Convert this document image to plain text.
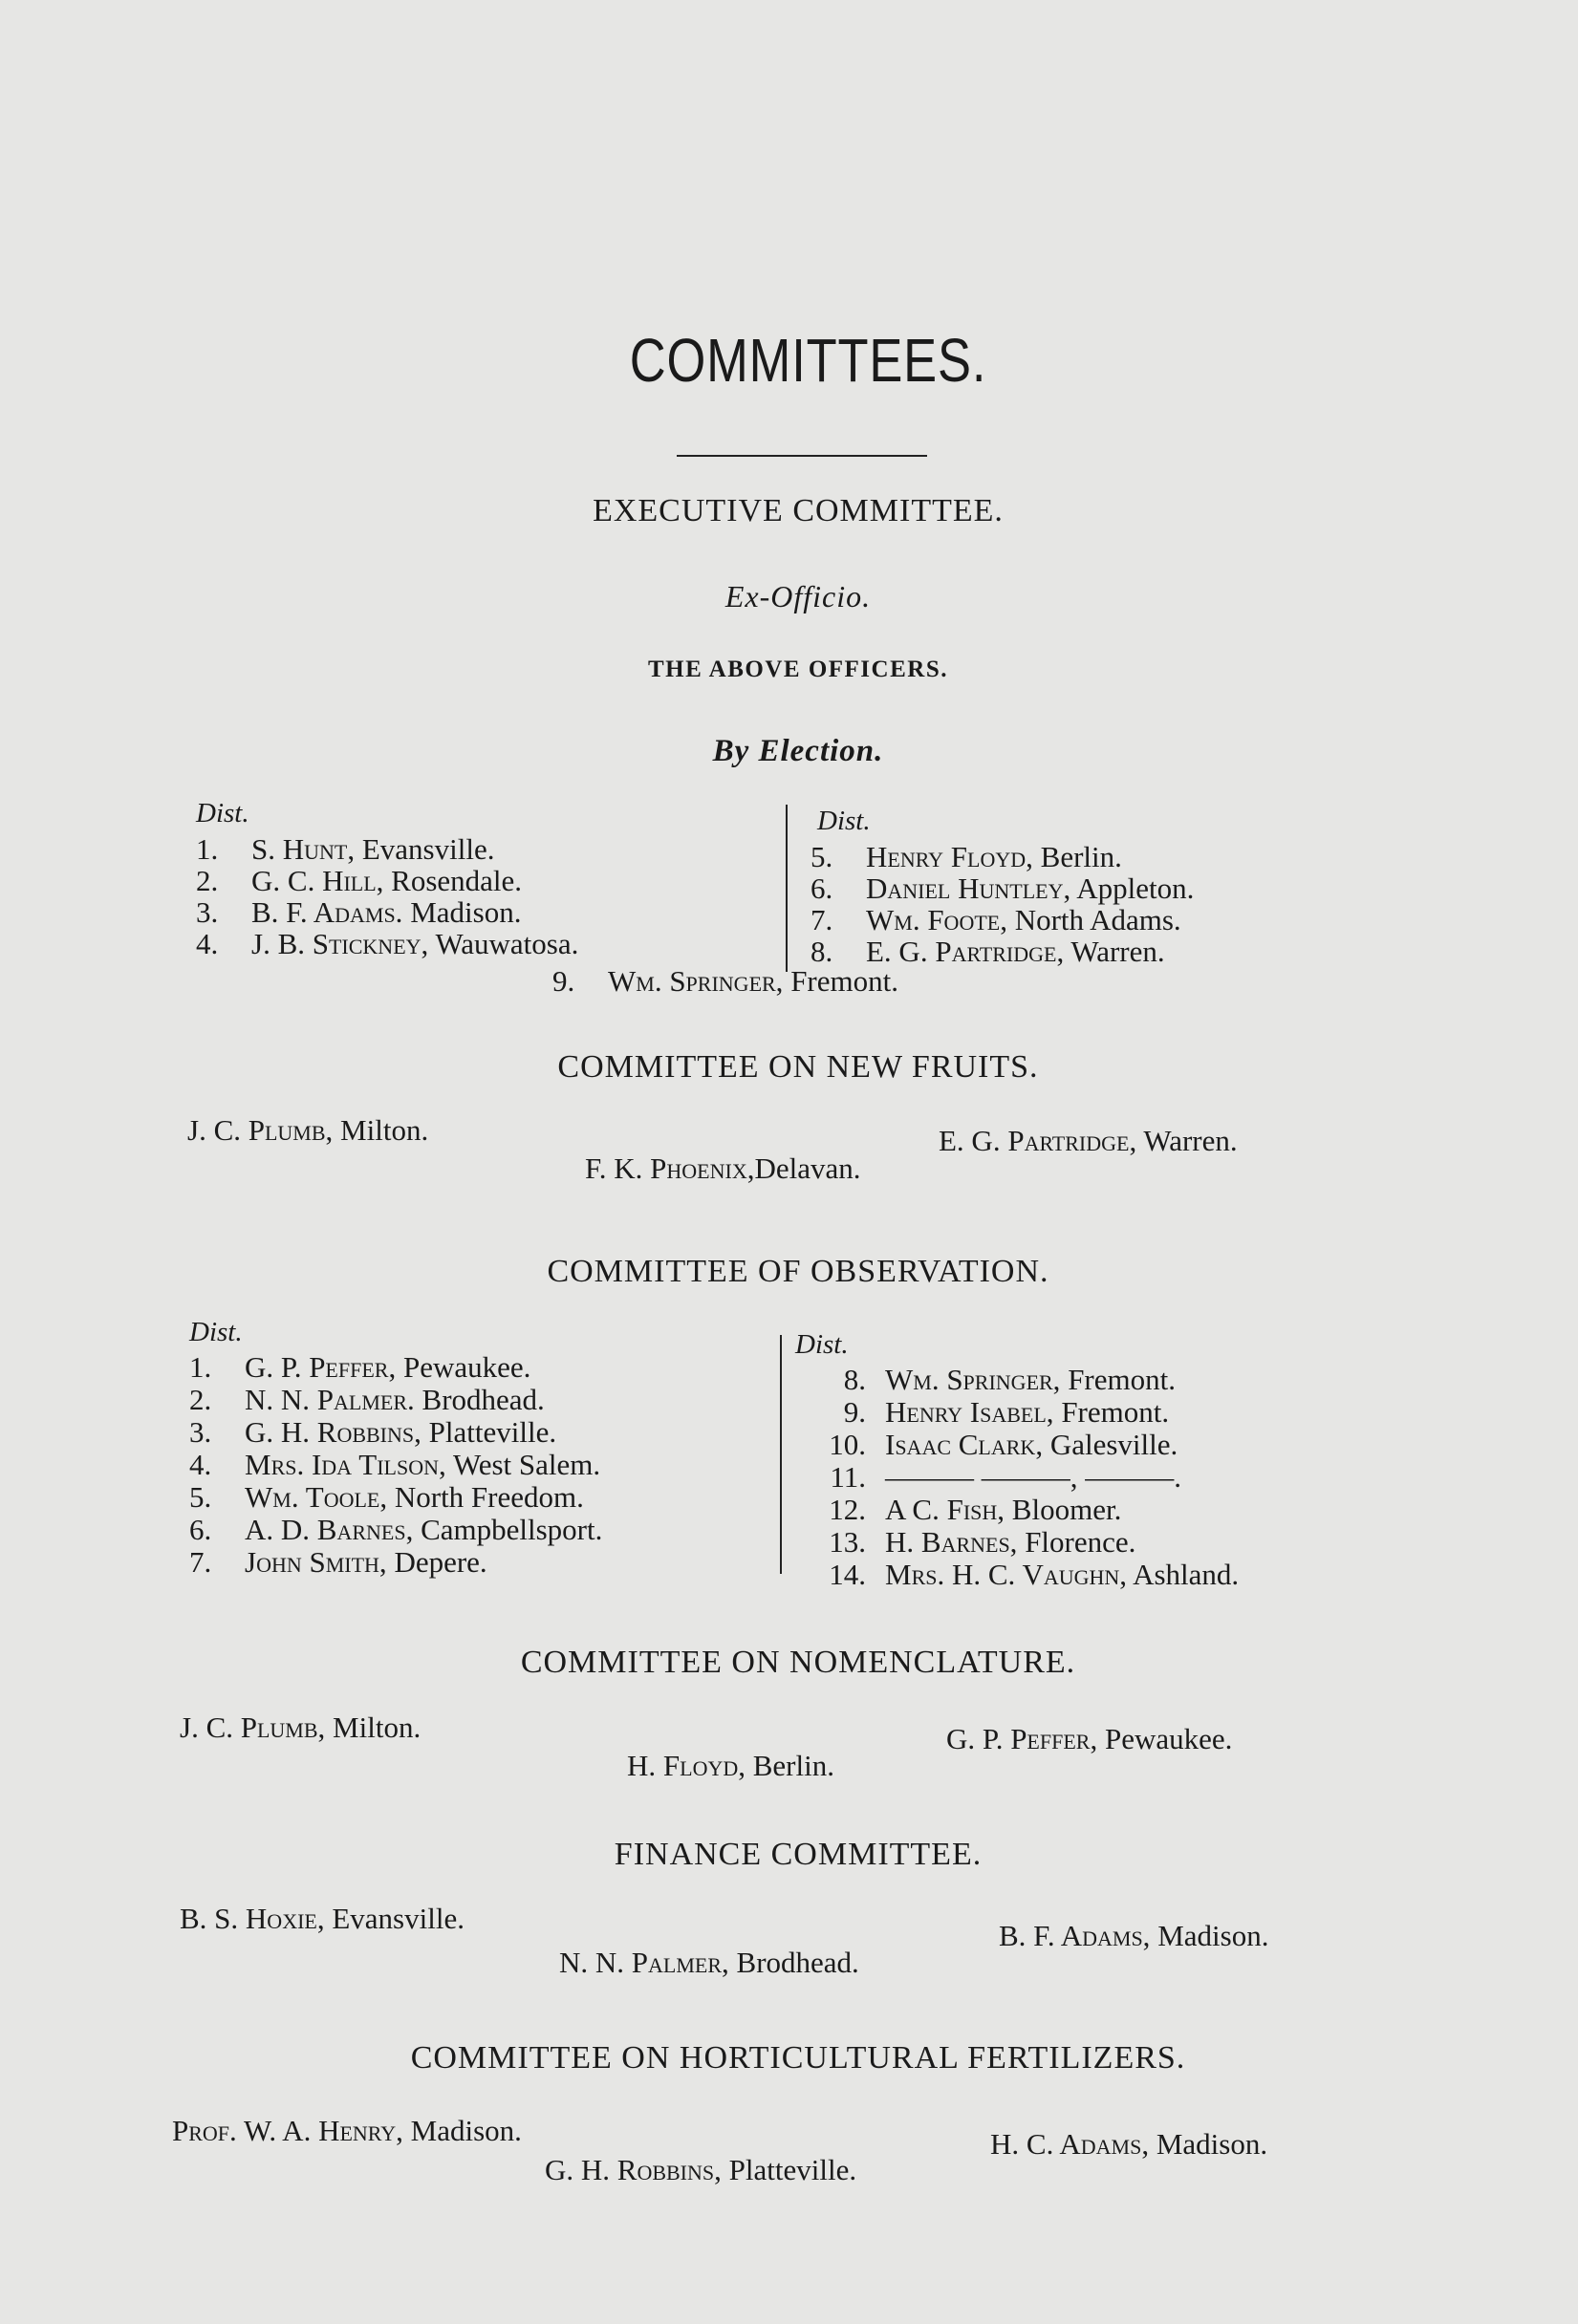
COMMITTEES.
EXECUTIVE COMMITTEE.
Ex-Officio.
THE ABOVE OFFICERS.
By Election.
Dist.	Dist.
1. S. Hunt, Evansville.
2. G. C. Hill, Rosendale.
3. B. F. Adams. Madison.
4. J. B. Stickney, Wauwatosa.
5. Henry Floyd, Berlin.
6. Daniel Huntley, Appleton.
7. Wm. Foote, North Adams.
8. E. G. Partridge, Warren.
9. Wm. Springer, Fremont.
COMMITTEE ON NEW FRUITS.
J. C. Plumb, Milton.	E. G. Partridge, Warren.
F. K. Phoenix,Delavan.
COMMITTEE OF OBSERVATION.
Dist.	Dist.
1. G. P. Peffer, Pewaukee.
2. N. N. Palmer. Brodhead.
3. G. H. Robbins, Platteville.
4. Mrs. Ida Tilson, West Salem.
5. Wm. Toole, North Freedom.
6. A. D. Barnes, Campbellsport.
7. John Smith, Depere.
8. Wm. Springer, Fremont.
9. Henry Isabel, Fremont.
10. Isaac Clark, Galesville.
11. ——— ———, ———.
12. A C. Fish, Bloomer.
13. H. Barnes, Florence.
14. Mrs. H. C. Vaughn, Ashland.
COMMITTEE ON NOMENCLATURE.
J. C. Plumb, Milton.	G. P. Peffer, Pewaukee.
H. Floyd, Berlin.
FINANCE COMMITTEE.
B. S. Hoxie, Evansville.
B. F. Adams, Madison.
N. N. Palmer, Brodhead.
COMMITTEE ON HORTICULTURAL FERTILIZERS.
Prof. W. A. Henry, Madison.	H. C. Adams, Madison.
G. H. Robbins, Platteville.
